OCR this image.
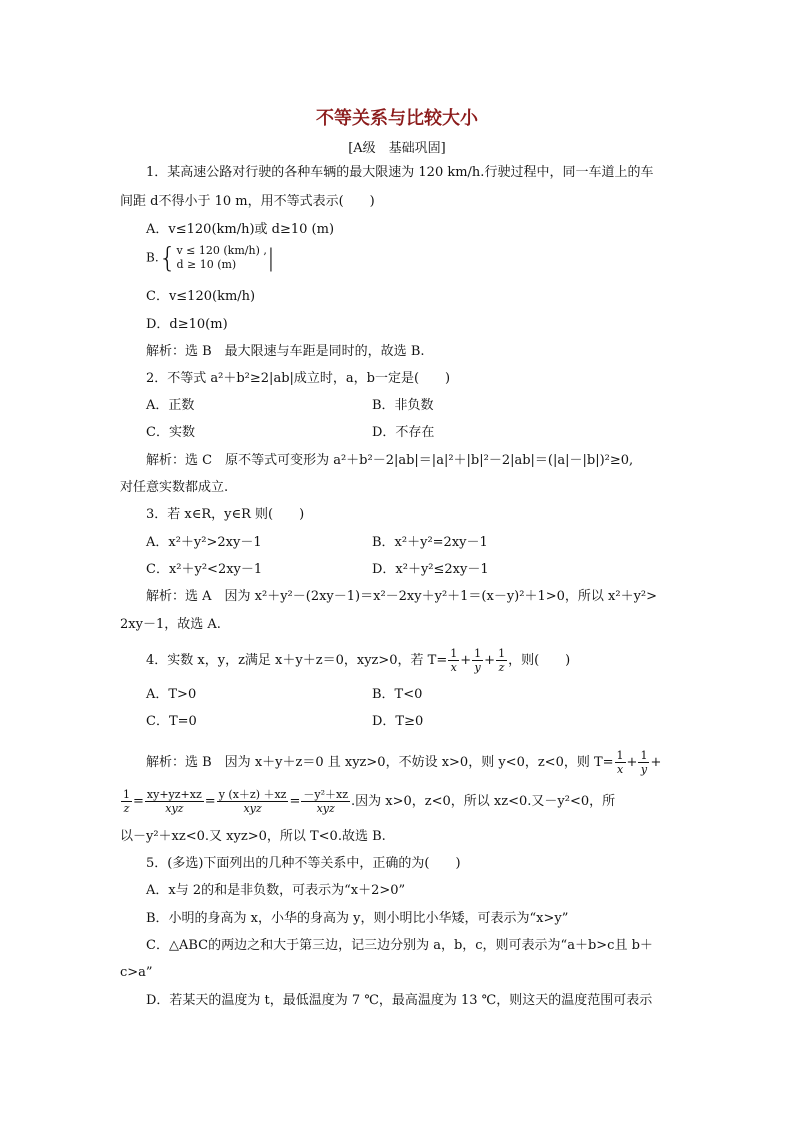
不等关系与比较大小
[A级　基础巩固]
1．某高速公路对行驶的各种车辆的最大限速为 120 km/h.行驶过程中，同一车道上的车
间距 d不得小于 10 m，用不等式表示(　　)
A．v≤120(km/h)或 d≥10 (m)
B.{ v ≤ 120 (km/h) ,
d ≥ 10 (m)	|
C．v≤120(km/h)
D．d≥10(m)
解析：选 B　最大限速与车距是同时的，故选 B.
2．不等式 a²＋b²≥2|ab|成立时，a，b一定是(　　)
A．正数	B．非负数
C．实数	D．不存在
解析：选 C　原不等式可变形为 a²＋b²－2|ab|＝|a|²＋|b|²－2|ab|＝(|a|－|b|)²≥0,
对任意实数都成立.
3．若 x∈R，y∈R 则(　　)
A．x²＋y²>2xy－1	B．x²＋y²=2xy－1
C．x²＋y²<2xy－1	D．x²＋y²≤2xy－1
解析：选 A　因为 x²＋y²－(2xy－1)＝x²－2xy＋y²＋1＝(x－y)²＋1>0，所以 x²＋y²>
2xy－1，故选 A.
4．实数 x，y，z满足 x＋y＋z＝0，xyz>0，若 $T= \frac{1}{x} + \frac{1}{y} + \frac{1}{z}$ ，则(　　)
A．T>0	B．T<0
C．T=0	D．T≥0
解析：选 B　因为 x＋y＋z＝0 且 xyz>0，不妨设 x>0，则 y<0，z<0，则 $T= \frac{1}{x} + \frac{1}{y}$ +
$\frac{1}{z} = \frac{xy+yz+xz}{\text{xyz}} = \frac{y (x+z) +xz}{\text{xyz}} = \frac{\text{－y²＋xz}}{\text{xyz}}$ .因为 x>0，z<0，所以 xz<0.又－y²<0，所
以－y²＋xz<0.又 xyz>0，所以 T<0.故选 B.
5．(多选)下面列出的几种不等关系中，正确的为(　　)
A．x与 2的和是非负数，可表示为“x＋2>0”
B．小明的身高为 x，小华的身高为 y，则小明比小华矮，可表示为“x>y”
C．△ABC的两边之和大于第三边，记三边分别为 a，b，c，则可表示为“a＋b>c且 b＋
c>a”
D．若某天的温度为 t，最低温度为 7 ℃，最高温度为 13 ℃，则这天的温度范围可表示
